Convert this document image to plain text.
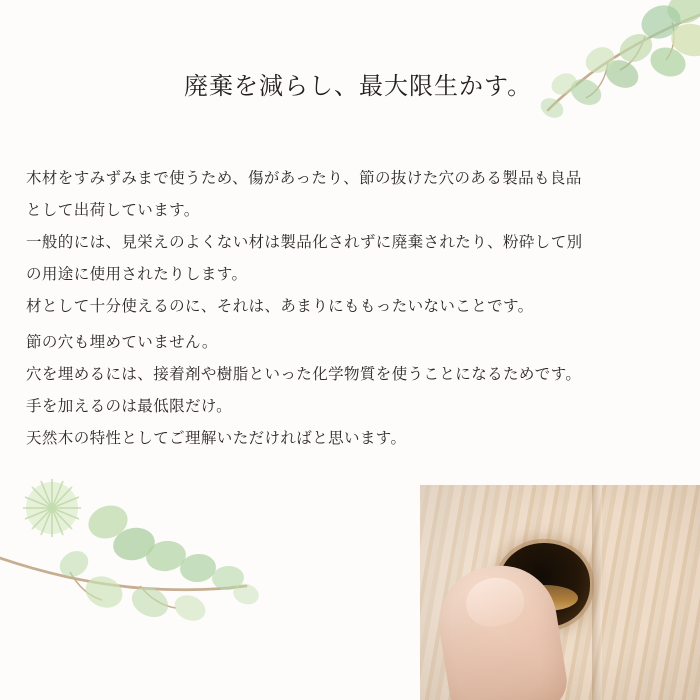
廃棄を減らし、最大限生かす。

木材をすみずみまで使うため、傷があったり、節の抜けた穴のある製品も良品

として出荷しています。

一般的には、見栄えのよくない材は製品化されずに廃棄されたり、粉砕して別

の用途に使用されたりします。

材として十分使えるのに、それは、あまりにももったいないことです。

節の穴も埋めていません。

穴を埋めるには、接着剤や樹脂といった化学物質を使うことになるためです。

手を加えるのは最低限だけ。

天然木の特性としてご理解いただければと思います。
